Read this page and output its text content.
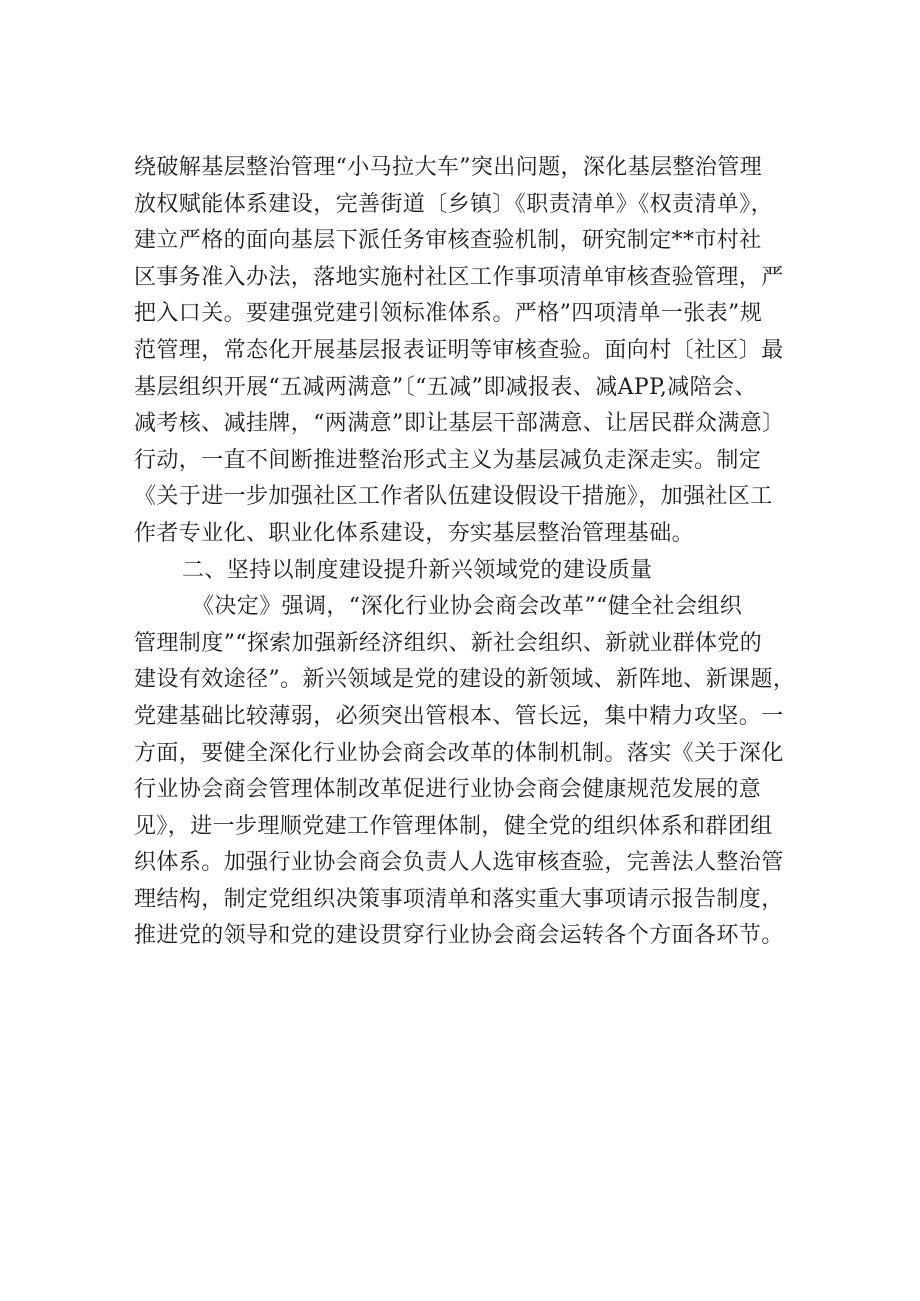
绕破解基层整治管理“小马拉大车”突出问题，深化基层整治管理
放权赋能体系建设，完善街道〔乡镇〕《职责清单》《权责清单》，
建立严格的面向基层下派任务审核查验机制，研究制定**市村社
区事务准入办法，落地实施村社区工作事项清单审核查验管理，严
把入口关。要建强党建引领标准体系。严格”四项清单一张表”规
范管理，常态化开展基层报表证明等审核查验。面向村〔社区〕最
基层组织开展“五减两满意”〔“五减”即减报表、减APP,减陪会、
减考核、减挂牌，“两满意”即让基层干部满意、让居民群众满意〕
行动，一直不间断推进整治形式主义为基层减负走深走实。制定
《关于进一步加强社区工作者队伍建设假设干措施》，加强社区工
作者专业化、职业化体系建设，夯实基层整治管理基础。
二、坚持以制度建设提升新兴领域党的建设质量
《决定》强调，“深化行业协会商会改革”“健全社会组织
管理制度”“探索加强新经济组织、新社会组织、新就业群体党的
建设有效途径”。新兴领域是党的建设的新领域、新阵地、新课题，
党建基础比较薄弱，必须突出管根本、管长远，集中精力攻坚。一
方面，要健全深化行业协会商会改革的体制机制。落实《关于深化
行业协会商会管理体制改革促进行业协会商会健康规范发展的意
见》，进一步理顺党建工作管理体制，健全党的组织体系和群团组
织体系。加强行业协会商会负责人人选审核查验，完善法人整治管
理结构，制定党组织决策事项清单和落实重大事项请示报告制度，
推进党的领导和党的建设贯穿行业协会商会运转各个方面各环节。
